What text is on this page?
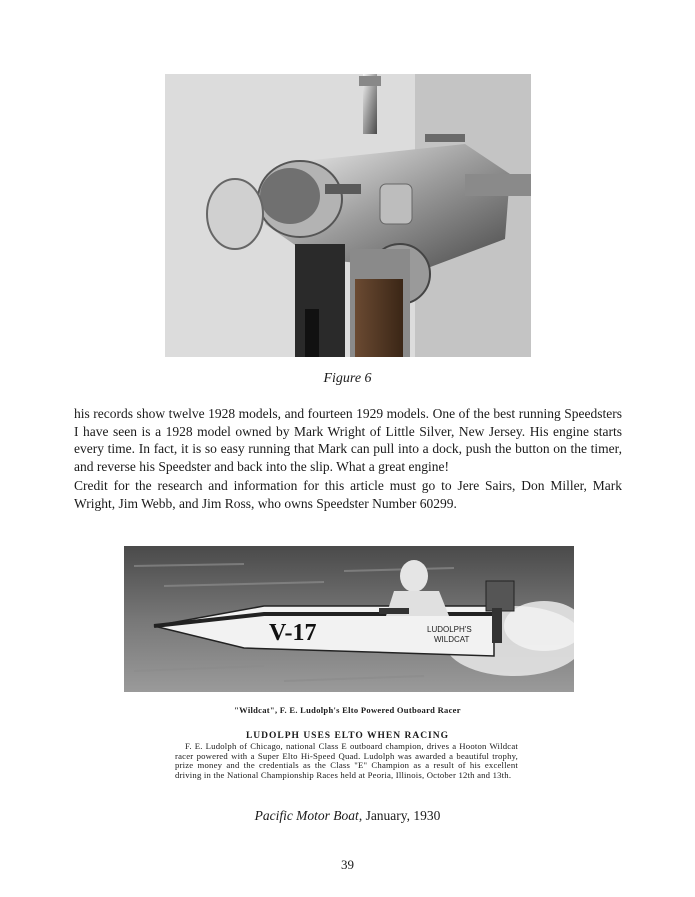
Figure 6

his records show twelve 1928 models, and fourteen 1929 models. One of the best running Speedsters I have seen is a 1928 model owned by Mark Wright of Little Silver, New Jersey. His engine starts every time. In fact, it is so easy running that Mark can pull into a dock, push the button on the timer, and reverse his Speedster and back into the slip. What a great engine!

Credit for the research and information for this article must go to Jere Sairs, Don Miller, Mark Wright, Jim Webb, and Jim Ross, who owns Speedster Number 60299.

V-17	LUDOLPH'S
WILDCAT
"Wildcat", F. E. Ludolph's Elto Powered Outboard Racer
LUDOLPH USES ELTO WHEN RACING

F. E. Ludolph of Chicago, national Class E outboard champion, drives a Hooton Wildcat racer powered with a Super Elto Hi-Speed Quad. Ludolph was awarded a beautiful trophy, prize money and the credentials as the Class "E" Champion as a result of his excellent driving in the National Championship Races held at Peoria, Illinois, October 12th and 13th.

Pacific Motor Boat, January, 1930
39
